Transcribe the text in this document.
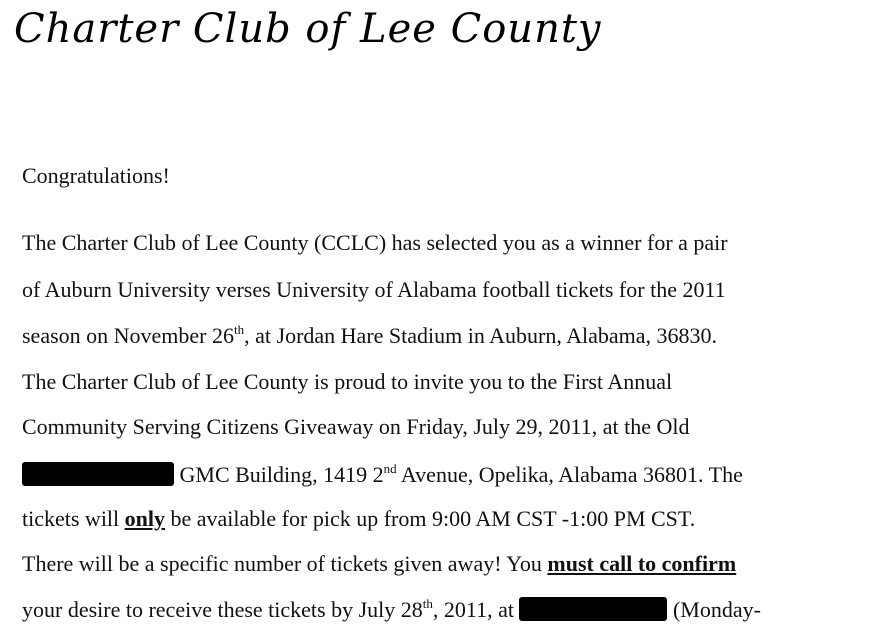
Charter Club of Lee County
Congratulations!
The Charter Club of Lee County (CCLC) has selected you as a winner for a pair
of Auburn University verses University of Alabama football tickets for the 2011
season on November 26th, at Jordan Hare Stadium in Auburn, Alabama, 36830.
The Charter Club of Lee County is proud to invite you to the First Annual
Community Serving Citizens Giveaway on Friday, July 29, 2011, at the Old
GMC Building, 1419 2nd Avenue, Opelika, Alabama 36801. The
tickets will only be available for pick up from 9:00 AM CST -1:00 PM CST.
There will be a specific number of tickets given away! You must call to confirm
your desire to receive these tickets by July 28th, 2011, at	(Monday-
